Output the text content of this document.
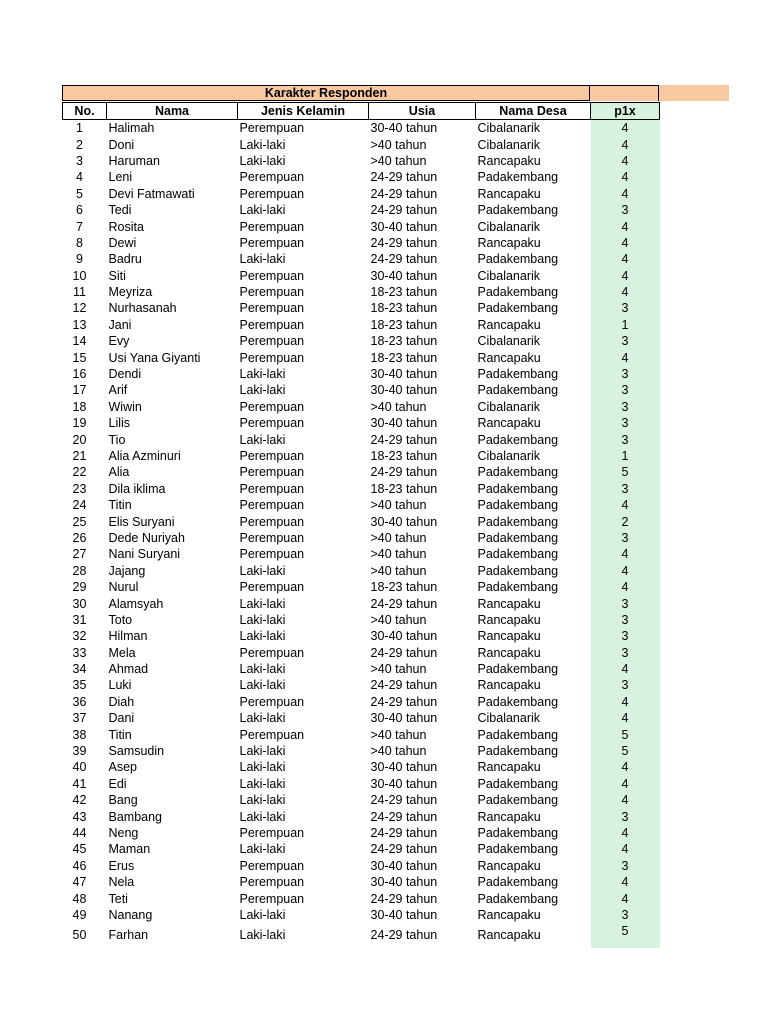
Karakter Responden
No.	Nama	Jenis Kelamin	Usia	Nama Desa	p1x
1	Halimah	Perempuan	30-40 tahun	Cibalanarik	4
2	Doni	Laki-laki	>40 tahun	Cibalanarik	4
3	Haruman	Laki-laki	>40 tahun	Rancapaku	4
4	Leni	Perempuan	24-29 tahun	Padakembang	4
5	Devi Fatmawati	Perempuan	24-29 tahun	Rancapaku	4
6	Tedi	Laki-laki	24-29 tahun	Padakembang	3
7	Rosita	Perempuan	30-40 tahun	Cibalanarik	4
8	Dewi	Perempuan	24-29 tahun	Rancapaku	4
9	Badru	Laki-laki	24-29 tahun	Padakembang	4
10	Siti	Perempuan	30-40 tahun	Cibalanarik	4
11	Meyriza	Perempuan	18-23 tahun	Padakembang	4
12	Nurhasanah	Perempuan	18-23 tahun	Padakembang	3
13	Jani	Perempuan	18-23 tahun	Rancapaku	1
14	Evy	Perempuan	18-23 tahun	Cibalanarik	3
15	Usi Yana Giyanti	Perempuan	18-23 tahun	Rancapaku	4
16	Dendi	Laki-laki	30-40 tahun	Padakembang	3
17	Arif	Laki-laki	30-40 tahun	Padakembang	3
18	Wiwin	Perempuan	>40 tahun	Cibalanarik	3
19	Lilis	Perempuan	30-40 tahun	Rancapaku	3
20	Tio	Laki-laki	24-29 tahun	Padakembang	3
21	Alia Azminuri	Perempuan	18-23 tahun	Cibalanarik	1
22	Alia	Perempuan	24-29 tahun	Padakembang	5
23	Dila iklima	Perempuan	18-23 tahun	Padakembang	3
24	Titin	Perempuan	>40 tahun	Padakembang	4
25	Elis Suryani	Perempuan	30-40 tahun	Padakembang	2
26	Dede Nuriyah	Perempuan	>40 tahun	Padakembang	3
27	Nani Suryani	Perempuan	>40 tahun	Padakembang	4
28	Jajang	Laki-laki	>40 tahun	Padakembang	4
29	Nurul	Perempuan	18-23 tahun	Padakembang	4
30	Alamsyah	Laki-laki	24-29 tahun	Rancapaku	3
31	Toto	Laki-laki	>40 tahun	Rancapaku	3
32	Hilman	Laki-laki	30-40 tahun	Rancapaku	3
33	Mela	Perempuan	24-29 tahun	Rancapaku	3
34	Ahmad	Laki-laki	>40 tahun	Padakembang	4
35	Luki	Laki-laki	24-29 tahun	Rancapaku	3
36	Diah	Perempuan	24-29 tahun	Padakembang	4
37	Dani	Laki-laki	30-40 tahun	Cibalanarik	4
38	Titin	Perempuan	>40 tahun	Padakembang	5
39	Samsudin	Laki-laki	>40 tahun	Padakembang	5
40	Asep	Laki-laki	30-40 tahun	Rancapaku	4
41	Edi	Laki-laki	30-40 tahun	Padakembang	4
42	Bang	Laki-laki	24-29 tahun	Padakembang	4
43	Bambang	Laki-laki	24-29 tahun	Rancapaku	3
44	Neng	Perempuan	24-29 tahun	Padakembang	4
45	Maman	Laki-laki	24-29 tahun	Padakembang	4
46	Erus	Perempuan	30-40 tahun	Rancapaku	3
47	Nela	Perempuan	30-40 tahun	Padakembang	4
48	Teti	Perempuan	24-29 tahun	Padakembang	4
49	Nanang	Laki-laki	30-40 tahun	Rancapaku	3
50	Farhan	Laki-laki	24-29 tahun	Rancapaku	5
